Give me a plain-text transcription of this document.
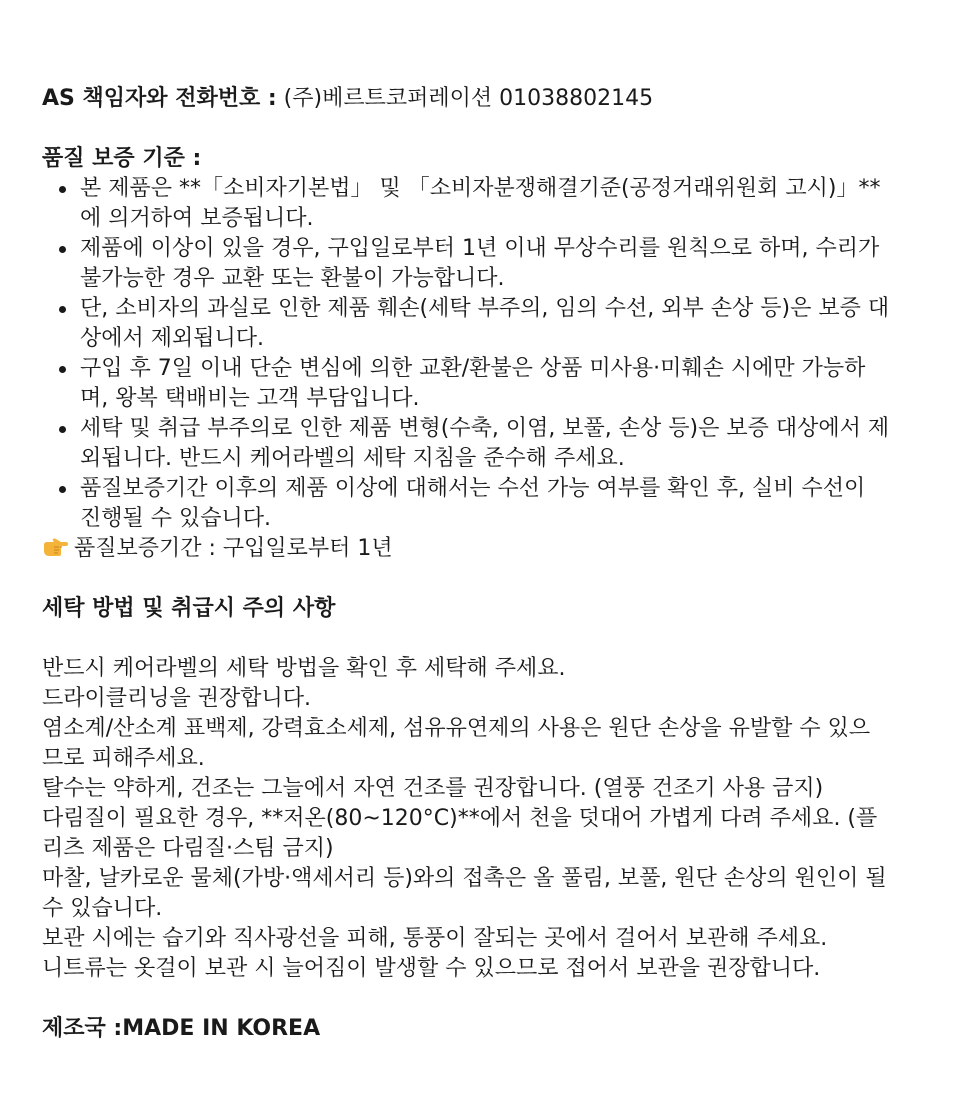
AS 책임자와 전화번호 : (주)베르트코퍼레이션 01038802145

품질 보증 기준 :

본 제품은 **「소비자기본법」 및 「소비자분쟁해결기준(공정거래위원회 고시)」**에 의거하여 보증됩니다.
제품에 이상이 있을 경우, 구입일로부터 1년 이내 무상수리를 원칙으로 하며, 수리가 불가능한 경우 교환 또는 환불이 가능합니다.
단, 소비자의 과실로 인한 제품 훼손(세탁 부주의, 임의 수선, 외부 손상 등)은 보증 대상에서 제외됩니다.
구입 후 7일 이내 단순 변심에 의한 교환/환불은 상품 미사용·미훼손 시에만 가능하며, 왕복 택배비는 고객 부담입니다.
세탁 및 취급 부주의로 인한 제품 변형(수축, 이염, 보풀, 손상 등)은 보증 대상에서 제외됩니다. 반드시 케어라벨의 세탁 지침을 준수해 주세요.
품질보증기간 이후의 제품 이상에 대해서는 수선 가능 여부를 확인 후, 실비 수선이 진행될 수 있습니다.

품질보증기간 : 구입일로부터 1년

세탁 방법 및 취급시 주의 사항

반드시 케어라벨의 세탁 방법을 확인 후 세탁해 주세요.

드라이클리닝을 권장합니다.

염소계/산소계 표백제, 강력효소세제, 섬유유연제의 사용은 원단 손상을 유발할 수 있으므로 피해주세요.

탈수는 약하게, 건조는 그늘에서 자연 건조를 권장합니다. (열풍 건조기 사용 금지)

다림질이 필요한 경우, **저온(80~120°C)**에서 천을 덧대어 가볍게 다려 주세요. (플리츠 제품은 다림질·스팀 금지)

마찰, 날카로운 물체(가방·액세서리 등)와의 접촉은 올 풀림, 보풀, 원단 손상의 원인이 될 수 있습니다.

보관 시에는 습기와 직사광선을 피해, 통풍이 잘되는 곳에서 걸어서 보관해 주세요.

니트류는 옷걸이 보관 시 늘어짐이 발생할 수 있으므로 접어서 보관을 권장합니다.

제조국 :MADE IN KOREA
